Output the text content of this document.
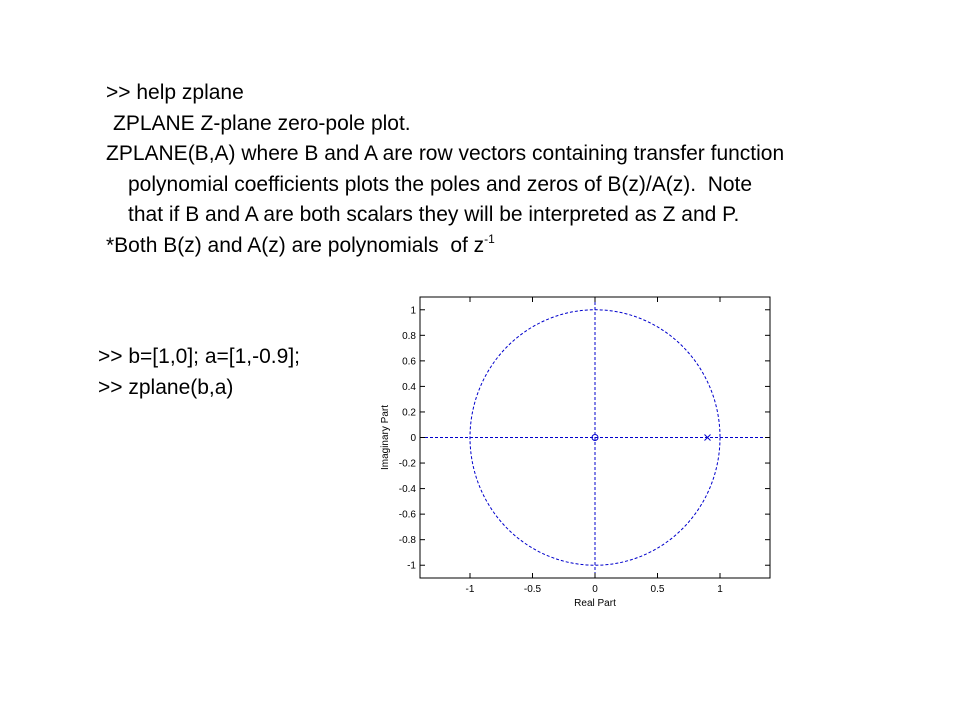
>> help zplane
ZPLANE Z-plane zero-pole plot.
ZPLANE(B,A) where B and A are row vectors containing transfer function
polynomial coefficients plots the poles and zeros of B(z)/A(z).  Note
that if B and A are both scalars they will be interpreted as Z and P.
*Both B(z) and A(z) are polynomials  of $z^{-1}$
>> b=[1,0]; a=[1,-0.9];
>> zplane(b,a)
-1	-0.5	0	0.5	1
1
0.8
0.6
0.4
0.2
0
-0.2
-0.4
-0.6
-0.8
-1
Real Part
Imaginary Part
